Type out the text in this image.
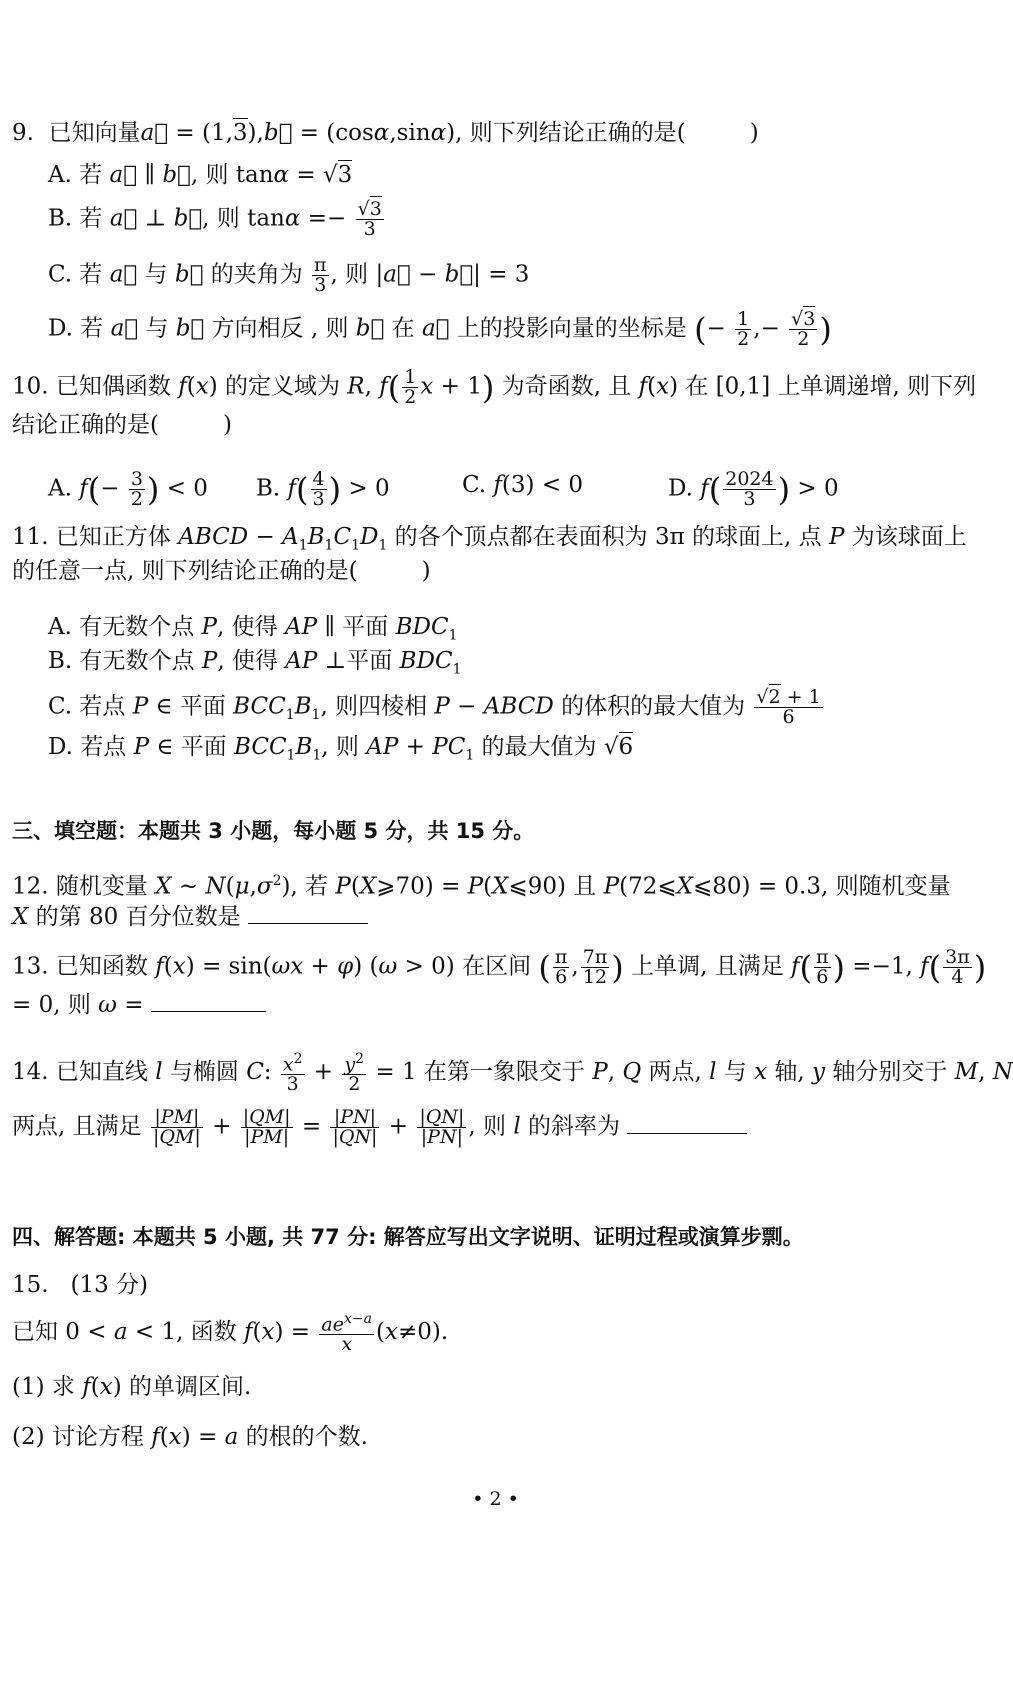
9.  已知向量a⃗ = (1,3),b⃗ = (cosα,sinα), 则下列结论正确的是(	)
A. 若 a⃗ ∥ b⃗, 则 tanα = √3
B. 若 a⃗ ⊥ b⃗, 则 $\tan\alpha =- \frac{√3}{3}$
C. 若 a⃗ 与 b⃗ 的夹角为 $\frac{\pi}{3}$ , 则 |a⃗ − b⃗| = 3
D. 若 a⃗ 与 b⃗ 方向相反 , 则 b⃗ 在 a⃗ 上的投影向量的坐标是 (− $\frac{1}{2}$ ,− $\frac{√3}{2}$ )
10. 已知偶函数 f(x) 的定义域为 R, $f( \frac{1}{2}$ x + 1) 为奇函数, 且 f(x) 在 [0,1] 上单调递增, 则下列
结论正确的是(	)
A. $f(- \frac{3}{2}$ ) < 0 B. $f( \frac{4}{3}$ ) > 0	C. f(3) < 0	D. $f( \frac{2024}{3}$ ) > 0
11. 已知正方体 ABCD − $A_1B_1C_1D_1$ 的各个顶点都在表面积为 3π 的球面上, 点 P 为该球面上
的任意一点, 则下列结论正确的是(	)
A. 有无数个点 P, 使得 AP ∥ 平面 $BDC_1$
B. 有无数个点 P, 使得 AP ⊥平面 $BDC_1$
C. 若点 P ∈ 平面 $BCC_1B_1$, 则四棱相 P − ABCD 的体积的最大值为 $\frac{√2 + 1}{6}$
D. 若点 P ∈ 平面 $BCC_1B_1$, 则 AP + $PC_1$ 的最大值为 √6
三、填空题：本题共 3 小题，每小题 5 分，共 15 分。
12. 随机变量 X ∼ $N(\mu,\sigma^2)$, 若 P(X⩾70) = P(X⩽90) 且 P(72⩽X⩽80) = 0.3, 则随机变量
X 的第 80 百分位数是
13. 已知函数 f(x) = sin(ωx + φ) (ω > 0) 在区间 ( $\frac{\pi}{6}$ , $\frac{7\pi}{12}$ ) 上单调, 且满足 $f( \frac{\pi}{6}$ ) =−1, $f( \frac{3\pi}{4}$ )
= 0, 则 ω =
14. 已知直线 l 与椭圆 C: $\frac{x^2}{3} + \frac{y^2}{2} = 1$ 在第一象限交于 P, Q 两点, l 与 x 轴, y 轴分别交于 M, N
两点, 且满足 $\frac{|PM|}{|QM|} + \frac{|QM|}{|PM|} = \frac{|PN|}{|QN|} + \frac{|QN|}{|PN|}$ , 则 l 的斜率为
四、解答题: 本题共 5 小题, 共 77 分: 解答应写出文字说明、证明过程或演算步剽。
15.   (13 分)
已知 0 < a < 1, 函数 $f(x) = \frac{ae^{x-a}}{x} (x\ne 0)$.
(1) 求 f(x) 的单调区间.
(2) 讨论方程 f(x) = a 的根的个数.
• 2 •
